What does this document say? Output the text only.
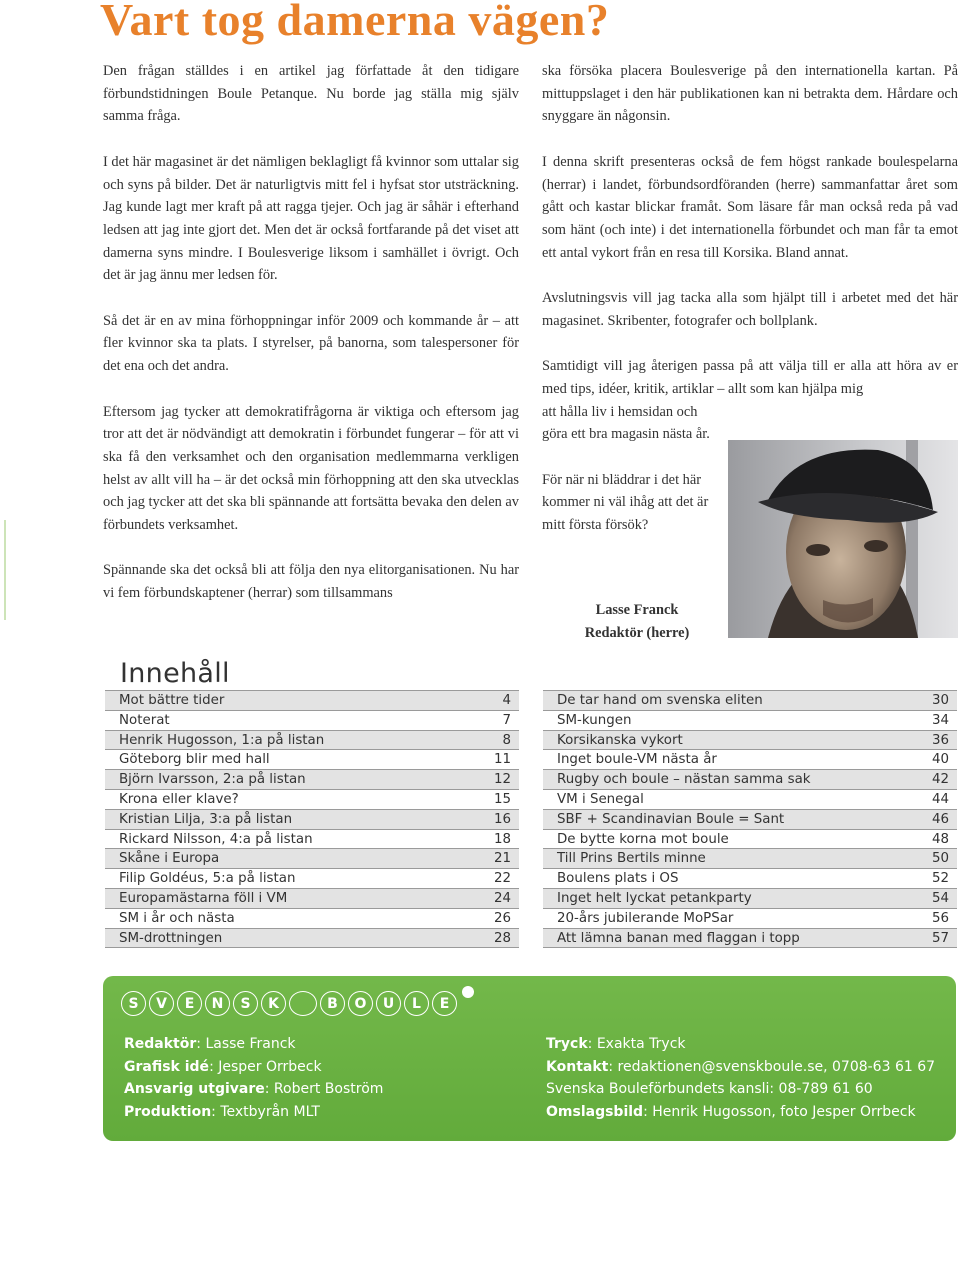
Vart tog damerna vägen?

Den frågan ställdes i en artikel jag författade åt den tidigare förbundstidningen Boule Petanque. Nu borde jag ställa mig själv samma fråga.

I det här magasinet är det nämligen beklagligt få kvinnor som uttalar sig och syns på bilder. Det är naturligtvis mitt fel i hyfsat stor utsträckning. Jag kunde lagt mer kraft på att ragga tjejer. Och jag är såhär i efterhand ledsen att jag inte gjort det. Men det är också fortfarande på det viset att damerna syns mindre. I Boulesverige liksom i samhället i övrigt. Och det är jag ännu mer ledsen för.

Så det är en av mina förhoppningar inför 2009 och kommande år – att fler kvinnor ska ta plats. I styrelser, på banorna, som talespersoner för det ena och det andra.

Eftersom jag tycker att demokratifrågorna är viktiga och eftersom jag tror att det är nödvändigt att demokratin i förbundet fungerar – för att vi ska få den verksamhet och den organisation medlemmarna verkligen helst av allt vill ha – är det också min förhoppning att den ska utvecklas och jag tycker att det ska bli spännande att fortsätta bevaka den delen av förbundets verksamhet.

Spännande ska det också bli att följa den nya elitorganisationen. Nu har vi fem förbundskaptener (herrar) som tillsammans

ska försöka placera Boulesverige på den internationella kartan. På mittuppslaget i den här publikationen kan ni betrakta dem. Hårdare och snyggare än någonsin.

I denna skrift presenteras också de fem högst rankade boulespelarna (herrar) i landet, förbundsordföranden (herre) sammanfattar året som gått och kastar blickar framåt. Som läsare får man också reda på vad som hänt (och inte) i det internationella förbundet och man får ta emot ett antal vykort från en resa till Korsika. Bland annat.

Avslutningsvis vill jag tacka alla som hjälpt till i arbetet med det här magasinet. Skribenter, fotografer och bollplank.

Samtidigt vill jag återigen passa på att välja till er alla att höra av er med tips, idéer, kritik, artiklar – allt som kan hjälpa mig

att hålla liv i hemsidan och göra ett bra magasin nästa år.

För när ni bläddrar i det här kommer ni väl ihåg att det är mitt första försök?

Lasse Franck
Redaktör (herre)
Innehåll
Mot bättre tider	4
Noterat	7
Henrik Hugosson, 1:a på listan	8
Göteborg blir med hall	11
Björn Ivarsson, 2:a på listan	12
Krona eller klave?	15
Kristian Lilja, 3:a på listan	16
Rickard Nilsson, 4:a på listan	18
Skåne i Europa	21
Filip Goldéus, 5:a på listan	22
Europamästarna föll i VM	24
SM i år och nästa	26
SM-drottningen	28
De tar hand om svenska eliten	30
SM-kungen	34
Korsikanska vykort	36
Inget boule-VM nästa år	40
Rugby och boule – nästan samma sak	42
VM i Senegal	44
SBF + Scandinavian Boule = Sant	46
De bytte korna mot boule	48
Till Prins Bertils minne	50
Boulens plats i OS	52
Inget helt lyckat petankparty	54
20-års jubilerande MoPSar	56
Att lämna banan med flaggan i topp	57
S	V	E	N	S	K	B	O	U	L	E
Redaktör: Lasse Franck
Grafisk idé: Jesper Orrbeck
Ansvarig utgivare: Robert Boström
Produktion: Textbyrån MLT
Tryck: Exakta Tryck
Kontakt: redaktionen@svenskboule.se, 0708-63 61 67
Svenska Bouleförbundets kansli: 08-789 61 60
Omslagsbild: Henrik Hugosson, foto Jesper Orrbeck
